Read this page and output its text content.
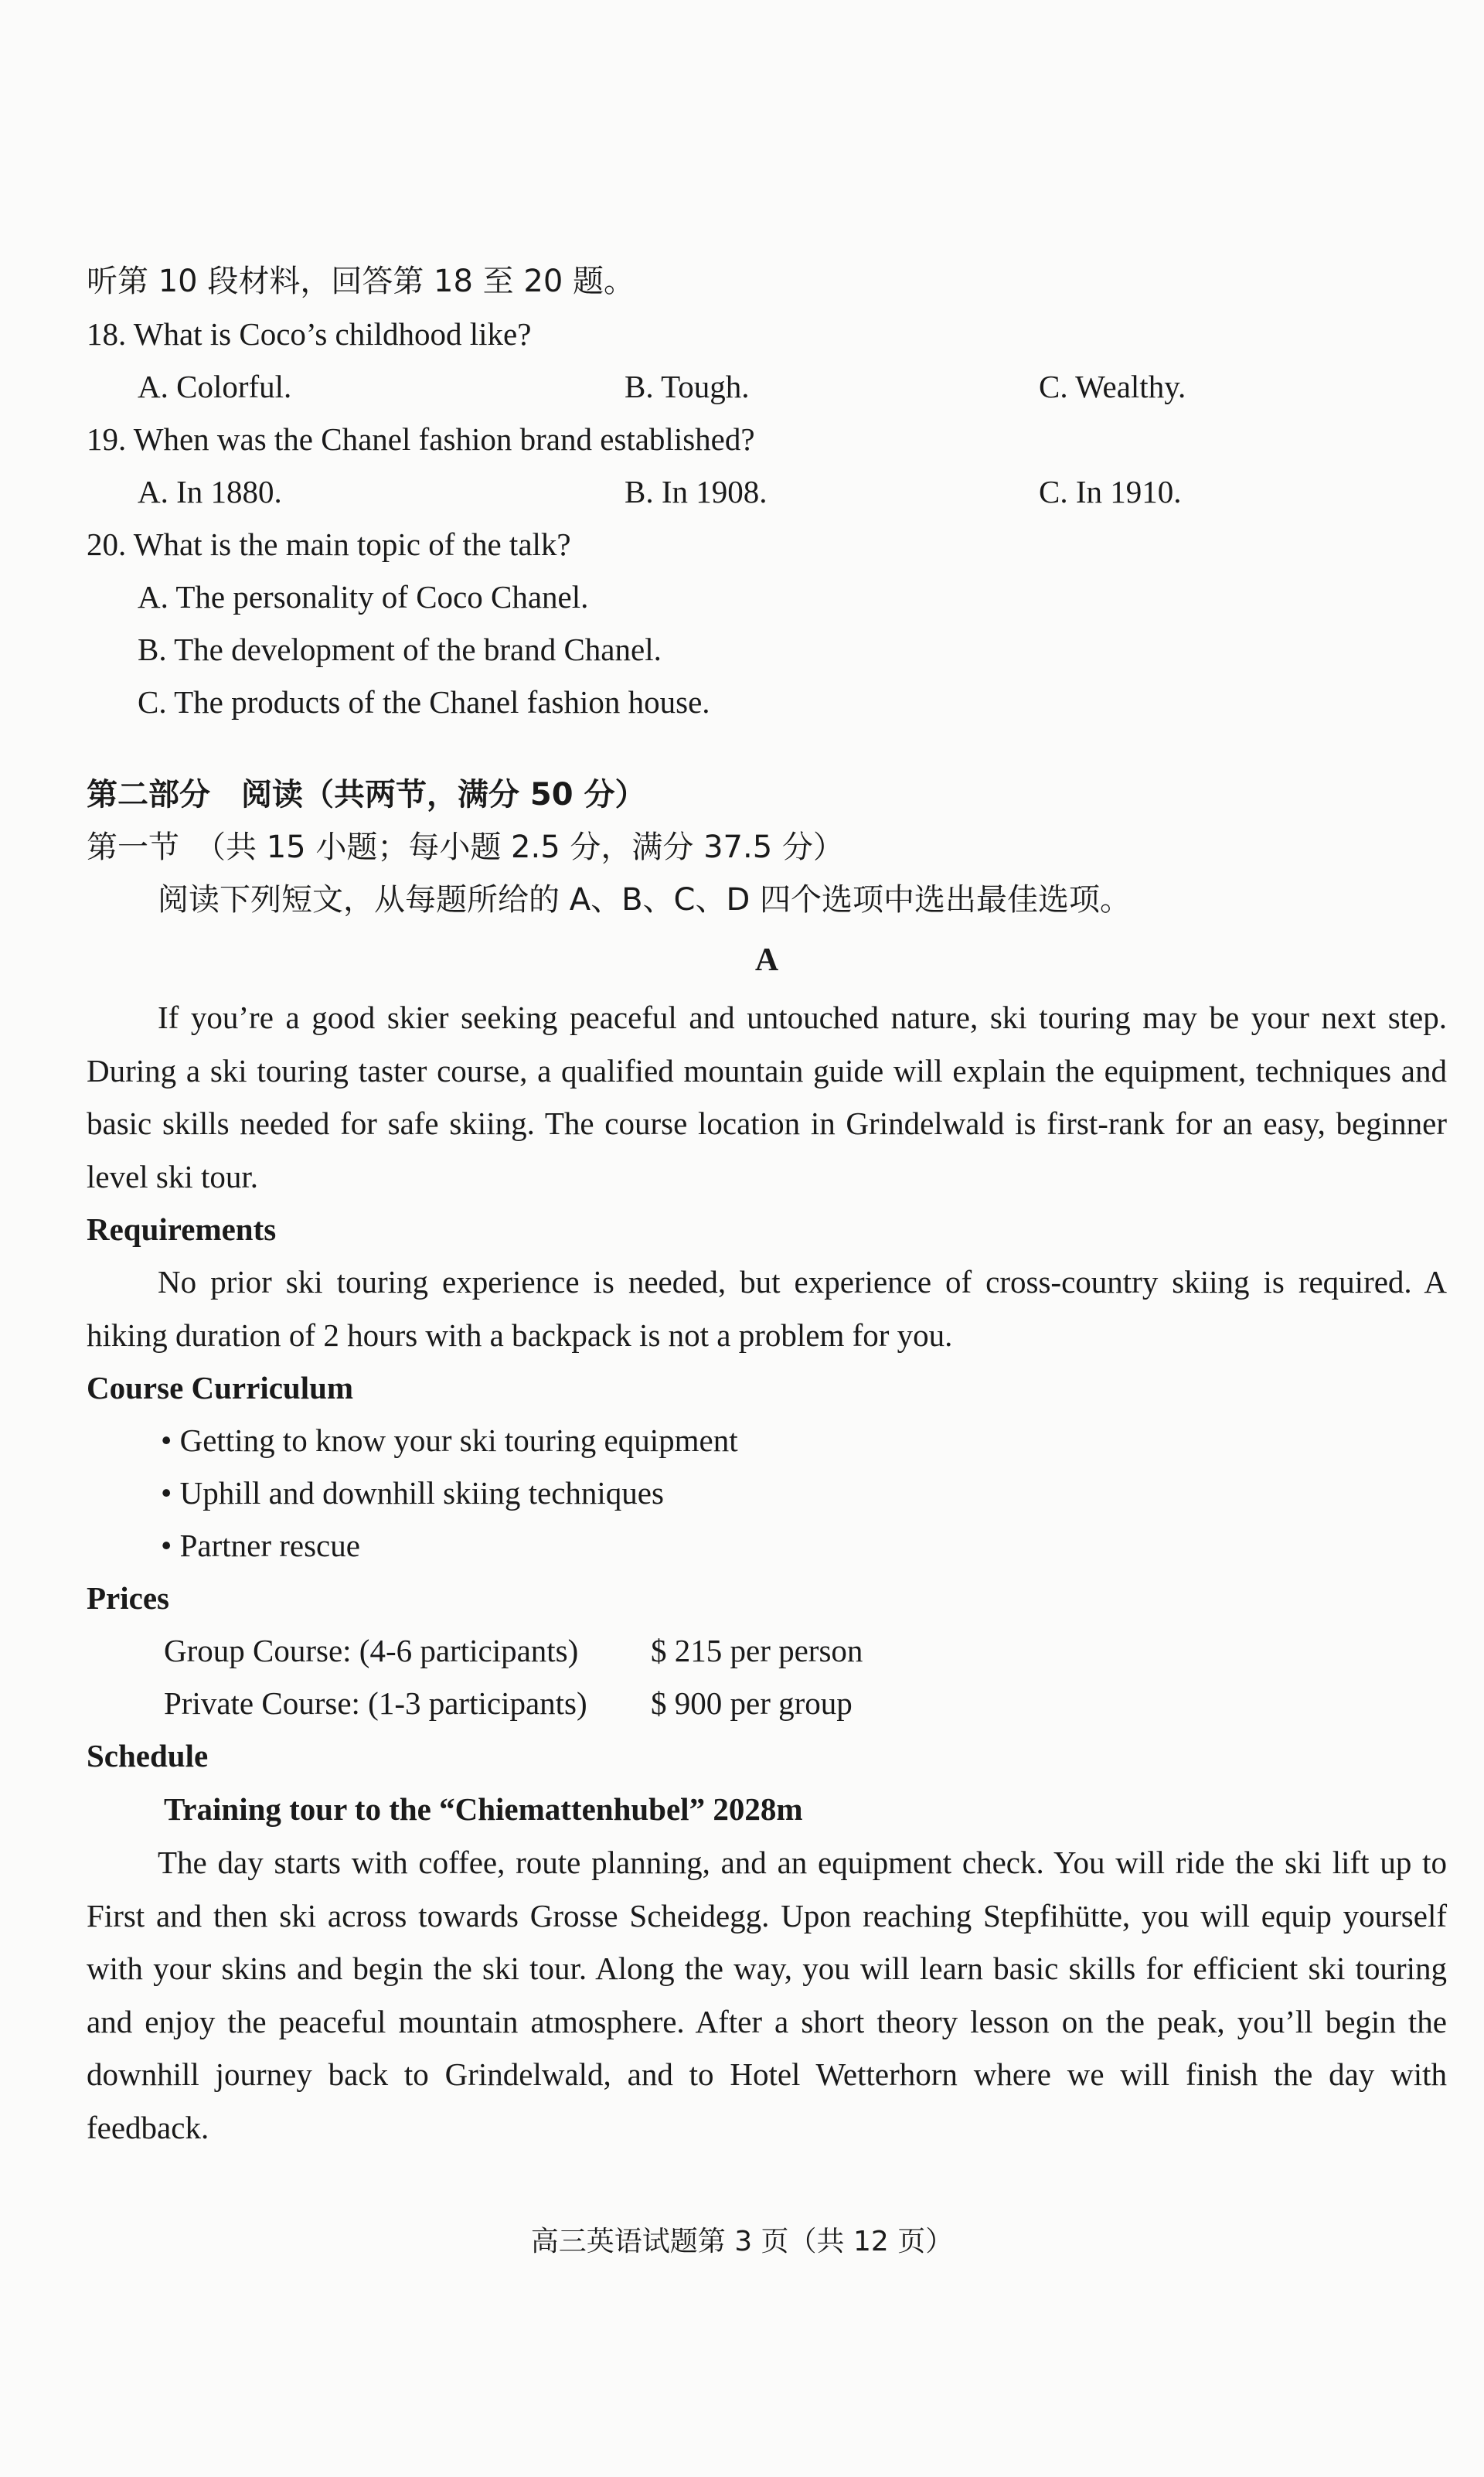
听第 10 段材料，回答第 18 至 20 题。
18. What is Coco’s childhood like?
A. Colorful.	B. Tough.	C. Wealthy.
19. When was the Chanel fashion brand established?
A. In 1880.	B. In 1908.	C. In 1910.
20. What is the main topic of the talk?
A. The personality of Coco Chanel.
B. The development of the brand Chanel.
C. The products of the Chanel fashion house.
第二部分　阅读（共两节，满分 50 分）
第一节　（共 15 小题；每小题 2.5 分，满分 37.5 分）
阅读下列短文，从每题所给的 A、B、C、D 四个选项中选出最佳选项。
A

If you’re a good skier seeking peaceful and untouched nature, ski touring may be your next step. During a ski touring taster course, a qualified mountain guide will explain the equipment, techniques and basic skills needed for safe skiing. The course location in Grindelwald is first-rank for an easy, beginner level ski tour.

Requirements

No prior ski touring experience is needed, but experience of cross-country skiing is required. A hiking duration of 2 hours with a backpack is not a problem for you.

Course Curriculum
• Getting to know your ski touring equipment
• Uphill and downhill skiing techniques
• Partner rescue
Prices
Group Course: (4-6 participants) $ 215 per person
Private Course: (1-3 participants) $ 900 per group
Schedule
Training tour to the “Chiemattenhubel” 2028m

The day starts with coffee, route planning, and an equipment check. You will ride the ski lift up to First and then ski across towards Grosse Scheidegg. Upon reaching Stepfihütte, you will equip yourself with your skins and begin the ski tour. Along the way, you will learn basic skills for efficient ski touring and enjoy the peaceful mountain atmosphere. After a short theory lesson on the peak, you’ll begin the downhill journey back to Grindelwald, and to Hotel Wetterhorn where we will finish the day with feedback.

高三英语试题第 3 页（共 12 页）
